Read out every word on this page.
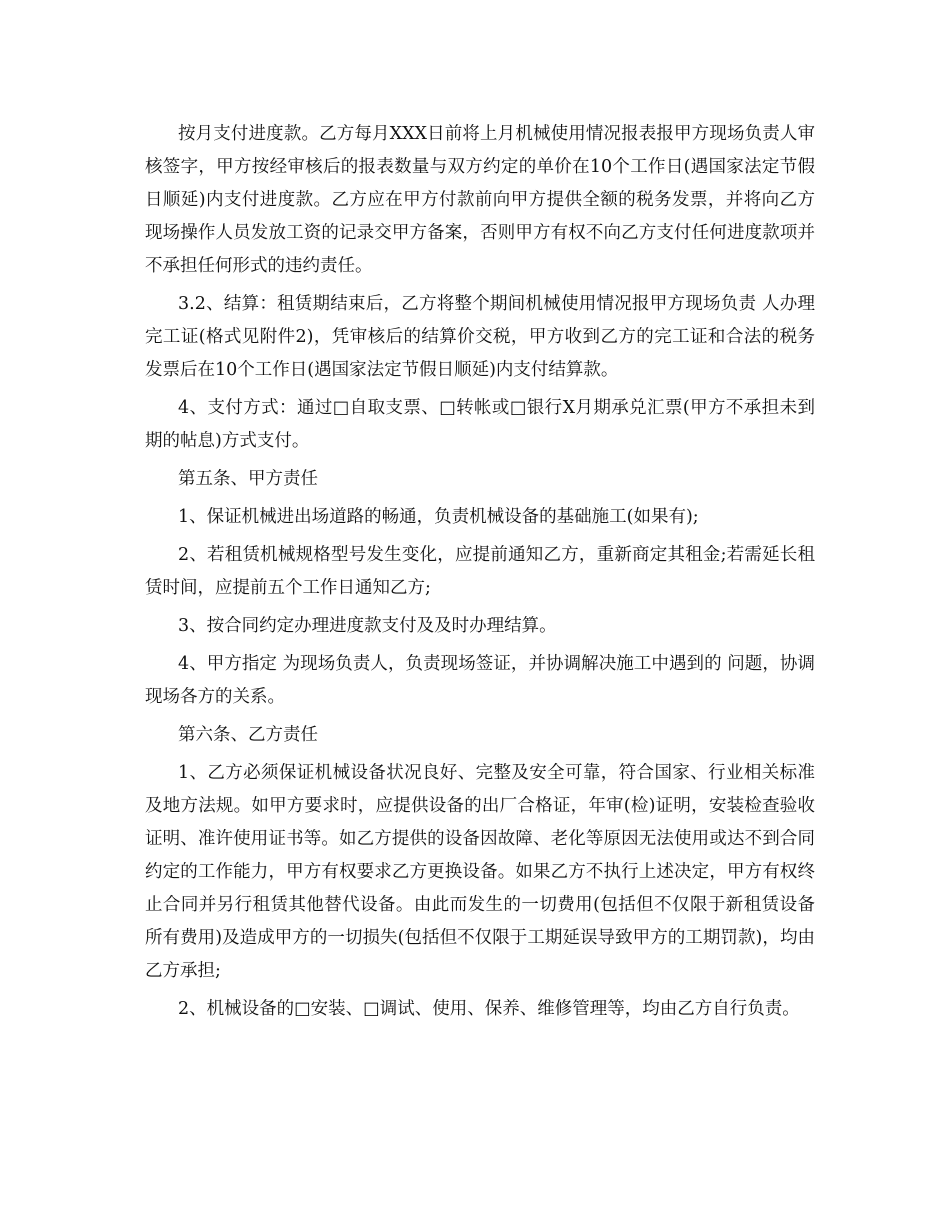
按月支付进度款。乙方每月XXX日前将上月机械使用情况报表报甲方现场负责人审核签字，甲方按经审核后的报表数量与双方约定的单价在10个工作日(遇国家法定节假日顺延)内支付进度款。乙方应在甲方付款前向甲方提供全额的税务发票，并将向乙方现场操作人员发放工资的记录交甲方备案，否则甲方有权不向乙方支付任何进度款项并不承担任何形式的违约责任。

3.2、结算：租赁期结束后，乙方将整个期间机械使用情况报甲方现场负责 人办理完工证(格式见附件2)，凭审核后的结算价交税，甲方收到乙方的完工证和合法的税务发票后在10个工作日(遇国家法定节假日顺延)内支付结算款。

4、支付方式：通过□自取支票、□转帐或□银行X月期承兑汇票(甲方不承担未到期的帖息)方式支付。

第五条、甲方责任

1、保证机械进出场道路的畅通，负责机械设备的基础施工(如果有);

2、若租赁机械规格型号发生变化，应提前通知乙方，重新商定其租金;若需延长租赁时间，应提前五个工作日通知乙方;

3、按合同约定办理进度款支付及及时办理结算。

4、甲方指定 为现场负责人，负责现场签证，并协调解决施工中遇到的 问题，协调现场各方的关系。

第六条、乙方责任

1、乙方必须保证机械设备状况良好、完整及安全可靠，符合国家、行业相关标准及地方法规。如甲方要求时，应提供设备的出厂合格证，年审(检)证明，安装检查验收证明、准许使用证书等。如乙方提供的设备因故障、老化等原因无法使用或达不到合同约定的工作能力，甲方有权要求乙方更换设备。如果乙方不执行上述决定，甲方有权终止合同并另行租赁其他替代设备。由此而发生的一切费用(包括但不仅限于新租赁设备所有费用)及造成甲方的一切损失(包括但不仅限于工期延误导致甲方的工期罚款)，均由乙方承担;

2、机械设备的□安装、□调试、使用、保养、维修管理等，均由乙方自行负责。
